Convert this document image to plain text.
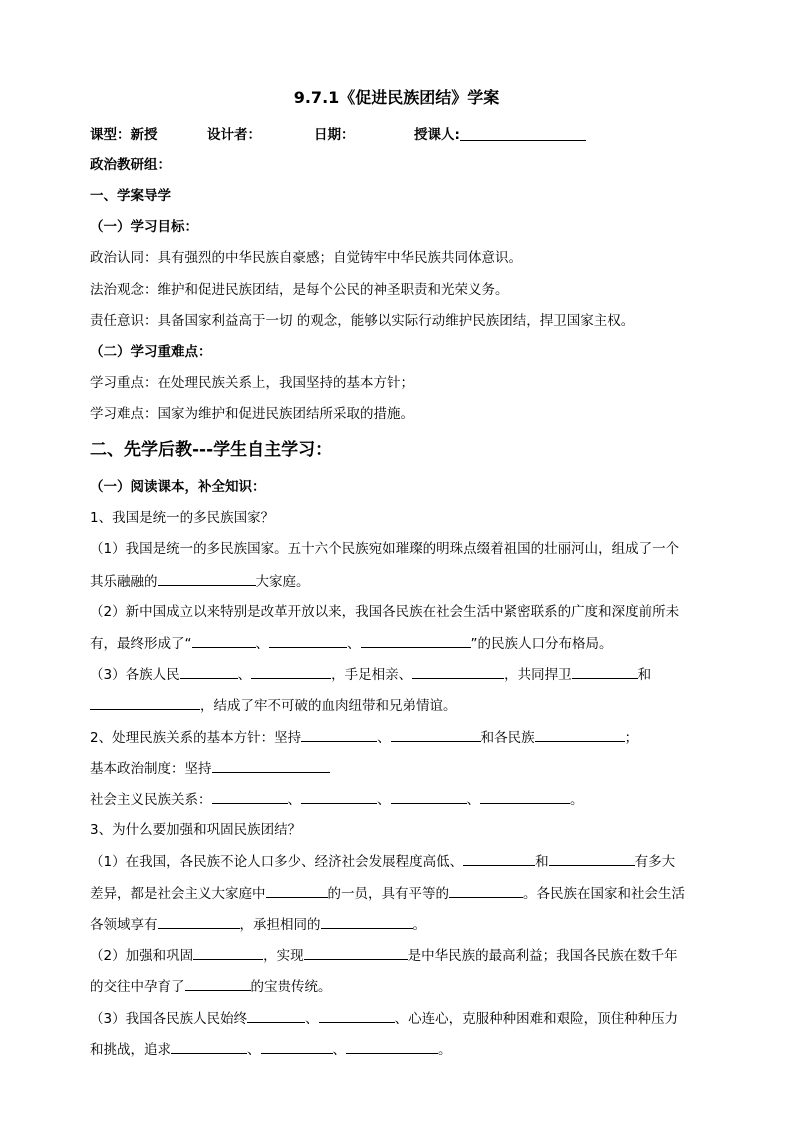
9.7.1《促进民族团结》学案
课型：新授	设计者：	日期：	授课人:
政治教研组：
一、学案导学
（一）学习目标：
政治认同：具有强烈的中华民族自豪感；自觉铸牢中华民族共同体意识。
法治观念：维护和促进民族团结，是每个公民的神圣职责和光荣义务。
责任意识：具备国家利益高于一切 的观念，能够以实际行动维护民族团结，捍卫国家主权。
（二）学习重难点：
学习重点：在处理民族关系上，我国坚持的基本方针；
学习难点：国家为维护和促进民族团结所采取的措施。
二、先学后教---学生自主学习：
（一）阅读课本，补全知识：
1、我国是统一的多民族国家？
（1）我国是统一的多民族国家。五十六个民族宛如璀璨的明珠点缀着祖国的壮丽河山，组成了一个
其乐融融的	大家庭。
（2）新中国成立以来特别是改革开放以来，我国各民族在社会生活中紧密联系的广度和深度前所未
有，最终形成了“	、	、	”的民族人口分布格局。
（3）各族人民	、	，手足相亲、	，共同捍卫	和
，结成了牢不可破的血肉纽带和兄弟情谊。
2、处理民族关系的基本方针：坚持	、	和各民族	；
基本政治制度：坚持
社会主义民族关系：	、	、	、	。
3、为什么要加强和巩固民族团结？
（1）在我国，各民族不论人口多少、经济社会发展程度高低、	和	有多大
差异，都是社会主义大家庭中	的一员，具有平等的	。各民族在国家和社会生活
各领域享有	，承担相同的	。
（2）加强和巩固	，实现	是中华民族的最高利益；我国各民族在数千年
的交往中孕育了	的宝贵传统。
（3）我国各民族人民始终	、	、心连心，克服种种困难和艰险，顶住种种压力
和挑战，追求	、	、	。
